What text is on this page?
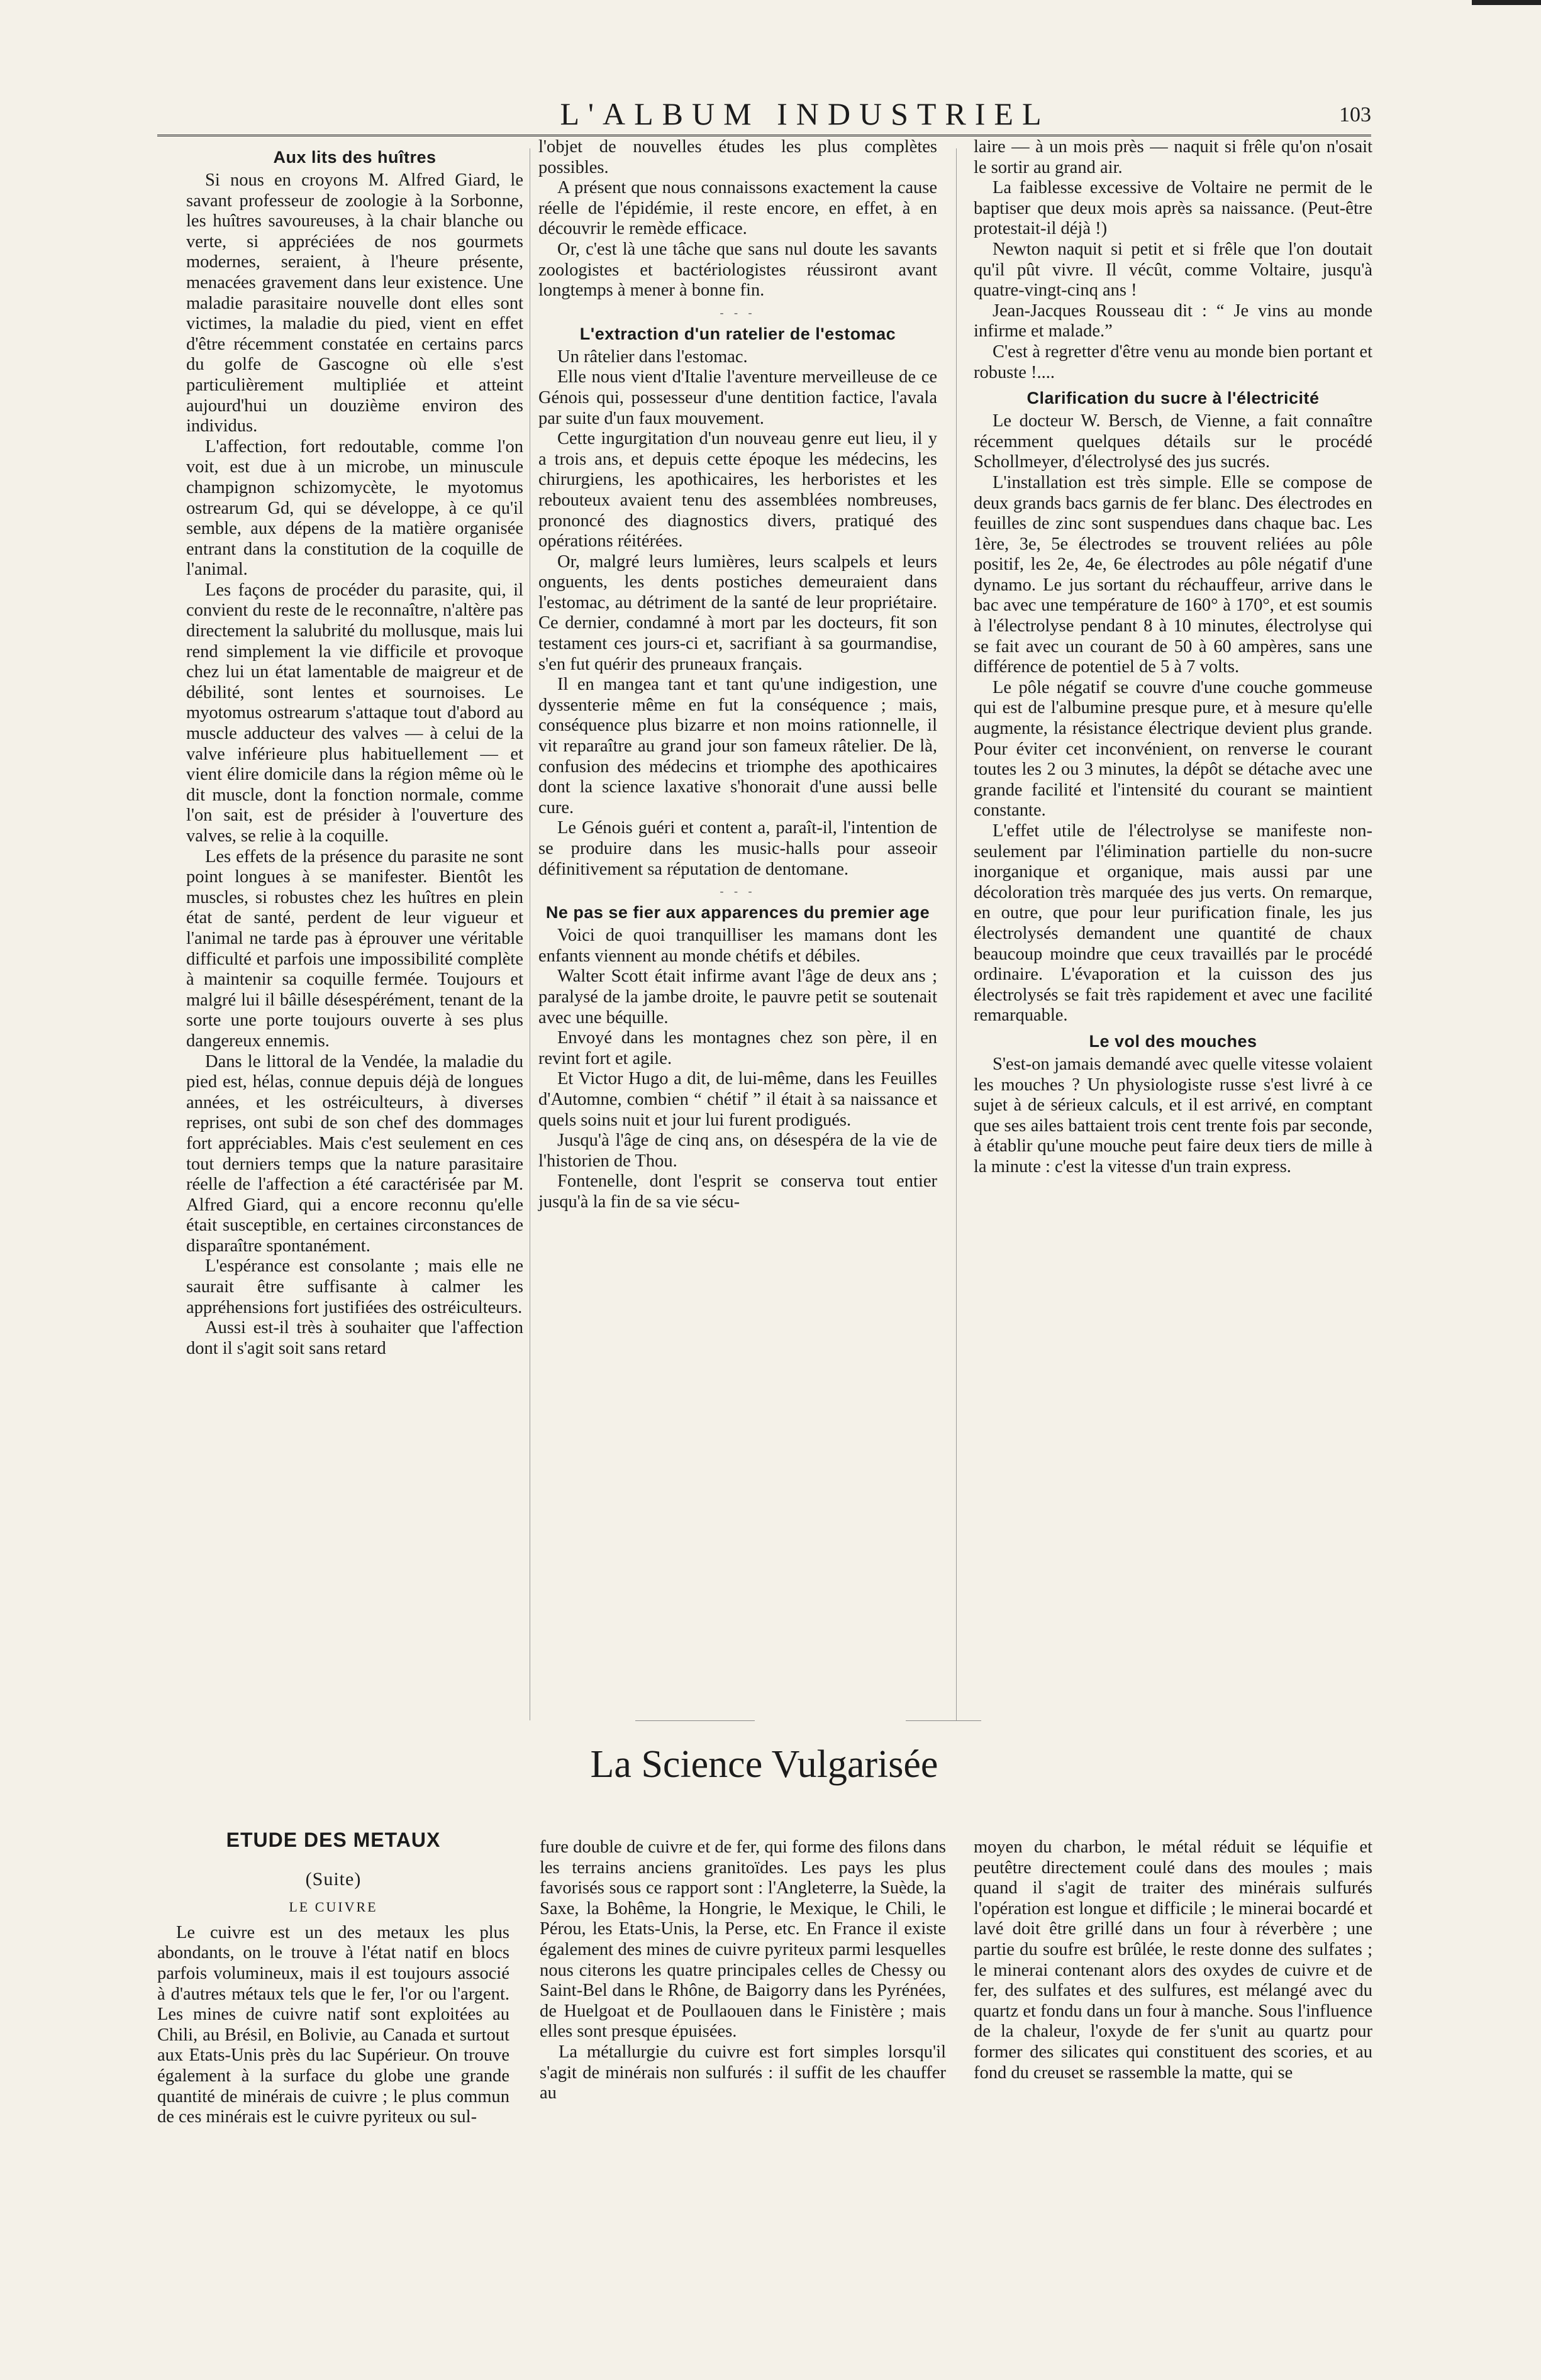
L'ALBUM INDUSTRIEL	103
Aux lits des huîtres

Si nous en croyons M. Alfred Giard, le savant professeur de zoologie à la Sorbonne, les huîtres savoureuses, à la chair blanche ou verte, si appréciées de nos gourmets modernes, seraient, à l'heure présente, menacées gravement dans leur existence. Une maladie parasitaire nouvelle dont elles sont victimes, la maladie du pied, vient en effet d'être récemment constatée en certains parcs du golfe de Gascogne où elle s'est particulièrement multipliée et atteint aujourd'hui un douzième environ des individus.

L'affection, fort redoutable, comme l'on voit, est due à un microbe, un minuscule champignon schizomycète, le myotomus ostrearum Gd, qui se développe, à ce qu'il semble, aux dépens de la matière organisée entrant dans la constitution de la coquille de l'animal.

Les façons de procéder du parasite, qui, il convient du reste de le reconnaître, n'altère pas directement la salubrité du mollusque, mais lui rend simplement la vie difficile et provoque chez lui un état lamentable de maigreur et de débilité, sont lentes et sournoises. Le myotomus ostrearum s'attaque tout d'abord au muscle adducteur des valves — à celui de la valve inférieure plus habituellement — et vient élire domicile dans la région même où le dit muscle, dont la fonction normale, comme l'on sait, est de présider à l'ouverture des valves, se relie à la coquille.

Les effets de la présence du parasite ne sont point longues à se manifester. Bientôt les muscles, si robustes chez les huîtres en plein état de santé, perdent de leur vigueur et l'animal ne tarde pas à éprouver une véritable difficulté et parfois une impossibilité complète à maintenir sa coquille fermée. Toujours et malgré lui il bâille désespérément, tenant de la sorte une porte toujours ouverte à ses plus dangereux ennemis.

Dans le littoral de la Vendée, la maladie du pied est, hélas, connue depuis déjà de longues années, et les ostréiculteurs, à diverses reprises, ont subi de son chef des dommages fort appréciables. Mais c'est seulement en ces tout derniers temps que la nature parasitaire réelle de l'affection a été caractérisée par M. Alfred Giard, qui a encore reconnu qu'elle était susceptible, en certaines circonstances de disparaître spontanément.

L'espérance est consolante ; mais elle ne saurait être suffisante à calmer les appréhensions fort justifiées des ostréiculteurs.

Aussi est-il très à souhaiter que l'affection dont il s'agit soit sans retard

l'objet de nouvelles études les plus complètes possibles.

A présent que nous connaissons exactement la cause réelle de l'épidémie, il reste encore, en effet, à en découvrir le remède efficace.

Or, c'est là une tâche que sans nul doute les savants zoologistes et bactériologistes réussiront avant longtemps à mener à bonne fin.

- - -
L'extraction d'un ratelier de l'estomac

Un râtelier dans l'estomac.

Elle nous vient d'Italie l'aventure merveilleuse de ce Génois qui, possesseur d'une dentition factice, l'avala par suite d'un faux mouvement.

Cette ingurgitation d'un nouveau genre eut lieu, il y a trois ans, et depuis cette époque les médecins, les chirurgiens, les apothicaires, les herboristes et les rebouteux avaient tenu des assemblées nombreuses, prononcé des diagnostics divers, pratiqué des opérations réitérées.

Or, malgré leurs lumières, leurs scalpels et leurs onguents, les dents postiches demeuraient dans l'estomac, au détriment de la santé de leur propriétaire. Ce dernier, condamné à mort par les docteurs, fit son testament ces jours-ci et, sacrifiant à sa gourmandise, s'en fut quérir des pruneaux français.

Il en mangea tant et tant qu'une indigestion, une dyssenterie même en fut la conséquence ; mais, conséquence plus bizarre et non moins rationnelle, il vit reparaître au grand jour son fameux râtelier. De là, confusion des médecins et triomphe des apothicaires dont la science laxative s'honorait d'une aussi belle cure.

Le Génois guéri et content a, paraît-il, l'intention de se produire dans les music-halls pour asseoir définitivement sa réputation de dentomane.

- - -
Ne pas se fier aux apparences du premier age

Voici de quoi tranquilliser les mamans dont les enfants viennent au monde chétifs et débiles.

Walter Scott était infirme avant l'âge de deux ans ; paralysé de la jambe droite, le pauvre petit se soutenait avec une béquille.

Envoyé dans les montagnes chez son père, il en revint fort et agile.

Et Victor Hugo a dit, de lui-même, dans les Feuilles d'Automne, combien “ chétif ” il était à sa naissance et quels soins nuit et jour lui furent prodigués.

Jusqu'à l'âge de cinq ans, on désespéra de la vie de l'historien de Thou.

Fontenelle, dont l'esprit se conserva tout entier jusqu'à la fin de sa vie sécu-

laire — à un mois près — naquit si frêle qu'on n'osait le sortir au grand air.

La faiblesse excessive de Voltaire ne permit de le baptiser que deux mois après sa naissance. (Peut-être protestait-il déjà !)

Newton naquit si petit et si frêle que l'on doutait qu'il pût vivre. Il vécût, comme Voltaire, jusqu'à quatre-vingt-cinq ans !

Jean-Jacques Rousseau dit : “ Je vins au monde infirme et malade.”

C'est à regretter d'être venu au monde bien portant et robuste !....

Clarification du sucre à l'électricité

Le docteur W. Bersch, de Vienne, a fait connaître récemment quelques détails sur le procédé Schollmeyer, d'électrolysé des jus sucrés.

L'installation est très simple. Elle se compose de deux grands bacs garnis de fer blanc. Des électrodes en feuilles de zinc sont suspendues dans chaque bac. Les 1ère, 3e, 5e électrodes se trouvent reliées au pôle positif, les 2e, 4e, 6e électrodes au pôle négatif d'une dynamo. Le jus sortant du réchauffeur, arrive dans le bac avec une température de 160° à 170°, et est soumis à l'électrolyse pendant 8 à 10 minutes, électrolyse qui se fait avec un courant de 50 à 60 ampères, sans une différence de potentiel de 5 à 7 volts.

Le pôle négatif se couvre d'une couche gommeuse qui est de l'albumine presque pure, et à mesure qu'elle augmente, la résistance électrique devient plus grande. Pour éviter cet inconvénient, on renverse le courant toutes les 2 ou 3 minutes, la dépôt se détache avec une grande facilité et l'intensité du courant se maintient constante.

L'effet utile de l'électrolyse se manifeste non-seulement par l'élimination partielle du non-sucre inorganique et organique, mais aussi par une décoloration très marquée des jus verts. On remarque, en outre, que pour leur purification finale, les jus électrolysés demandent une quantité de chaux beaucoup moindre que ceux travaillés par le procédé ordinaire. L'évaporation et la cuisson des jus électrolysés se fait très rapidement et avec une facilité remarquable.

Le vol des mouches

S'est-on jamais demandé avec quelle vitesse volaient les mouches ? Un physiologiste russe s'est livré à ce sujet à de sérieux calculs, et il est arrivé, en comptant que ses ailes battaient trois cent trente fois par seconde, à établir qu'une mouche peut faire deux tiers de mille à la minute : c'est la vitesse d'un train express.

La Science Vulgarisée
ETUDE DES METAUX
(Suite)
LE CUIVRE

Le cuivre est un des metaux les plus abondants, on le trouve à l'état natif en blocs parfois volumineux, mais il est toujours associé à d'autres métaux tels que le fer, l'or ou l'argent. Les mines de cuivre natif sont exploitées au Chili, au Brésil, en Bolivie, au Canada et surtout aux Etats-Unis près du lac Supérieur. On trouve également à la surface du globe une grande quantité de minérais de cuivre ; le plus commun de ces minérais est le cuivre pyriteux ou sul-

fure double de cuivre et de fer, qui forme des filons dans les terrains anciens granitoïdes. Les pays les plus favorisés sous ce rapport sont : l'Angleterre, la Suède, la Saxe, la Bohême, la Hongrie, le Mexique, le Chili, le Pérou, les Etats-Unis, la Perse, etc. En France il existe également des mines de cuivre pyriteux parmi lesquelles nous citerons les quatre principales celles de Chessy ou Saint-Bel dans le Rhône, de Baigorry dans les Pyrénées, de Huelgoat et de Poullaouen dans le Finistère ; mais elles sont presque épuisées.

La métallurgie du cuivre est fort simples lorsqu'il s'agit de minérais non sulfurés : il suffit de les chauffer au

moyen du charbon, le métal réduit se léquifie et peutêtre directement coulé dans des moules ; mais quand il s'agit de traiter des minérais sulfurés l'opération est longue et difficile ; le minerai bocardé et lavé doit être grillé dans un four à réverbère ; une partie du soufre est brûlée, le reste donne des sulfates ; le minerai contenant alors des oxydes de cuivre et de fer, des sulfates et des sulfures, est mélangé avec du quartz et fondu dans un four à manche. Sous l'influence de la chaleur, l'oxyde de fer s'unit au quartz pour former des silicates qui constituent des scories, et au fond du creuset se rassemble la matte, qui se
